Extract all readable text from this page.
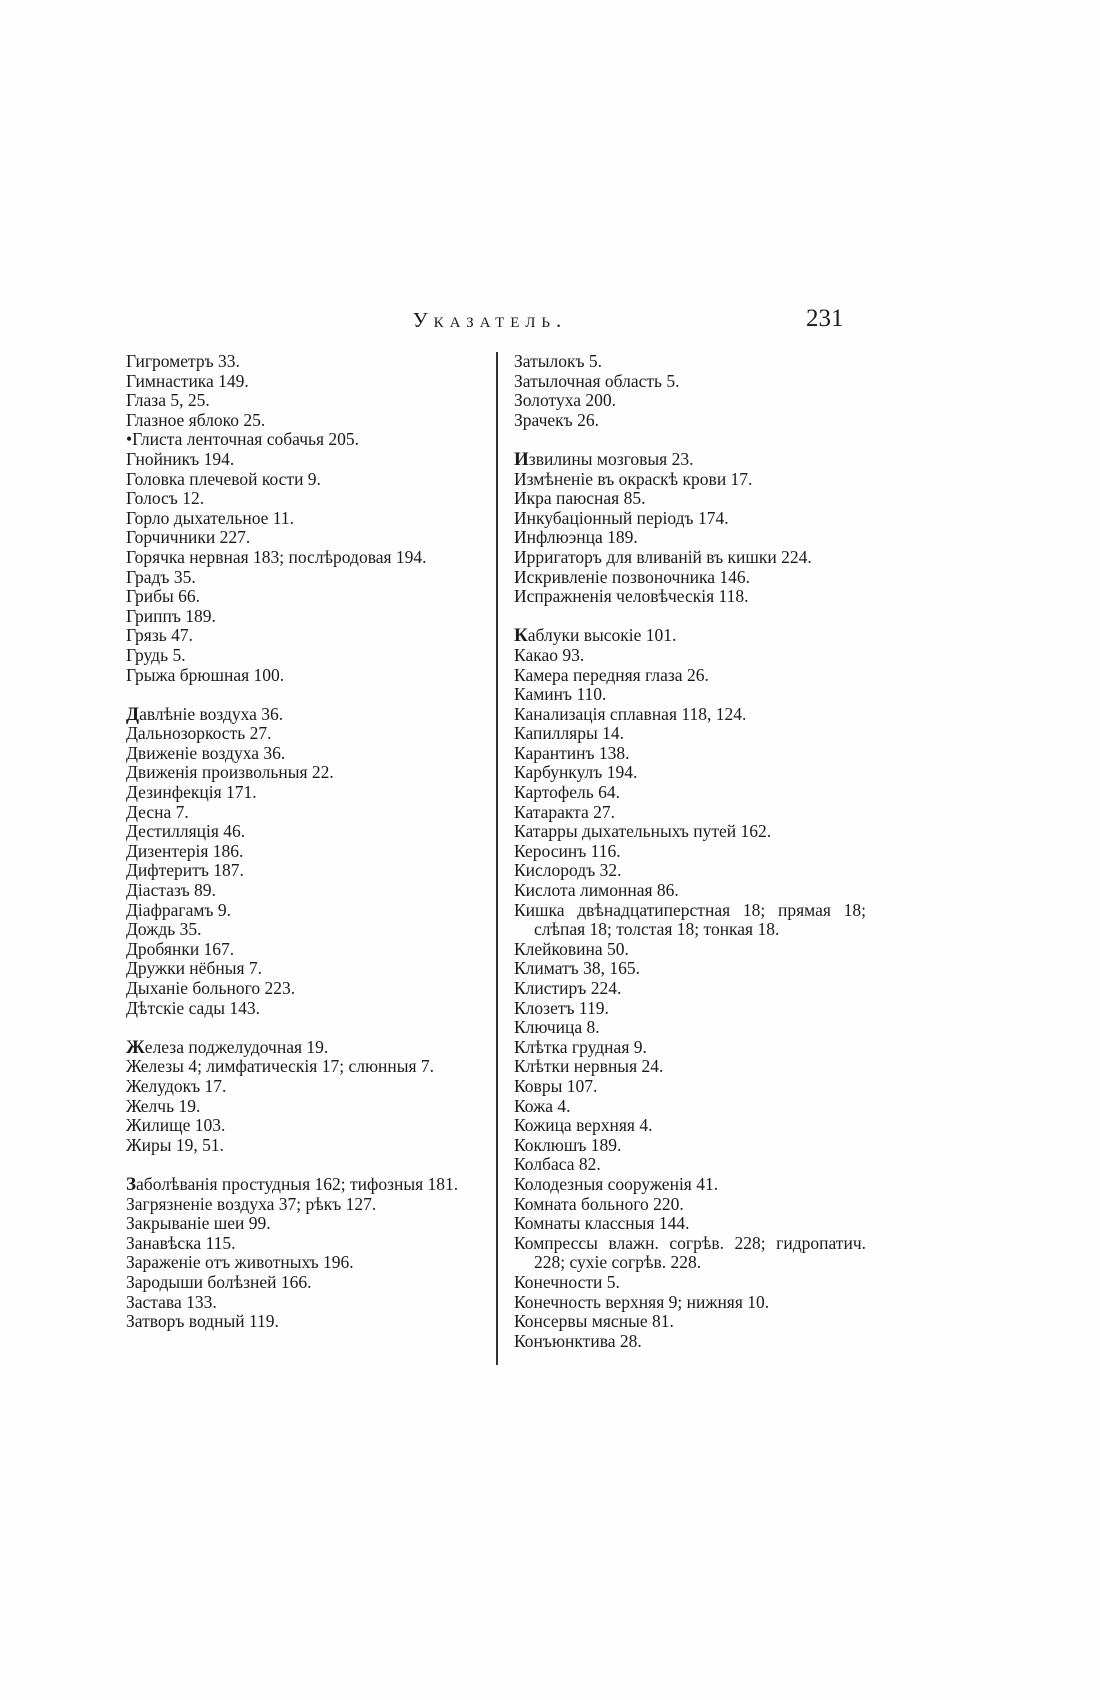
Указатель.	231
Гигрометръ 33.
Гимнастика 149.
Глаза 5, 25.
Глазное яблоко 25.
•Глиста ленточная собачья 205.
Гнойникъ 194.
Головка плечевой кости 9.
Голосъ 12.
Горло дыхательное 11.
Горчичники 227.
Горячка нервная 183; послѣродовая 194.
Градъ 35.
Грибы 66.
Гриппъ 189.
Грязь 47.
Грудь 5.
Грыжа брюшная 100.
Давлѣніе воздуха 36.
Дальнозоркость 27.
Движеніе воздуха 36.
Движенія произвольныя 22.
Дезинфекція 171.
Десна 7.
Дестилляція 46.
Дизентерія 186.
Дифтеритъ 187.
Діастазъ 89.
Діафрагамъ 9.
Дождь 35.
Дробянки 167.
Дружки нёбныя 7.
Дыханіе больного 223.
Дѣтскіе сады 143.
Железа поджелудочная 19.
Железы 4; лимфатическія 17; слюнныя 7.
Желудокъ 17.
Желчь 19.
Жилище 103.
Жиры 19, 51.
Заболѣванія простудныя 162; тифозныя 181.
Загрязненіе воздуха 37; рѣкъ 127.
Закрываніе шеи 99.
Занавѣска 115.
Зараженіе отъ животныхъ 196.
Зародыши болѣзней 166.
Застава 133.
Затворъ водный 119.
Затылокъ 5.
Затылочная область 5.
Золотуха 200.
Зрачекъ 26.
Извилины мозговыя 23.
Измѣненіе въ окраскѣ крови 17.
Икра паюсная 85.
Инкубаціонный періодъ 174.
Инфлюэнца 189.
Ирригаторъ для вливаній въ кишки 224.
Искривленіе позвоночника 146.
Испражненія человѣческія 118.
Каблуки высокіе 101.
Какао 93.
Камера передняя глаза 26.
Каминъ 110.
Канализація сплавная 118, 124.
Капилляры 14.
Карантинъ 138.
Карбункулъ 194.
Картофель 64.
Катаракта 27.
Катарры дыхательныхъ путей 162.
Керосинъ 116.
Кислородъ 32.
Кислота лимонная 86.
Кишка двѣнадцатиперстная 18; прямая 18; слѣпая 18; толстая 18; тонкая 18.
Клейковина 50.
Климатъ 38, 165.
Клистиръ 224.
Клозетъ 119.
Ключица 8.
Клѣтка грудная 9.
Клѣтки нервныя 24.
Ковры 107.
Кожа 4.
Кожица верхняя 4.
Коклюшъ 189.
Колбаса 82.
Колодезныя сооруженія 41.
Комната больного 220.
Комнаты классныя 144.
Компрессы влажн. согрѣв. 228; гидропатич. 228; сухіе согрѣв. 228.
Конечности 5.
Конечность верхняя 9; нижняя 10.
Консервы мясные 81.
Конъюнктива 28.
